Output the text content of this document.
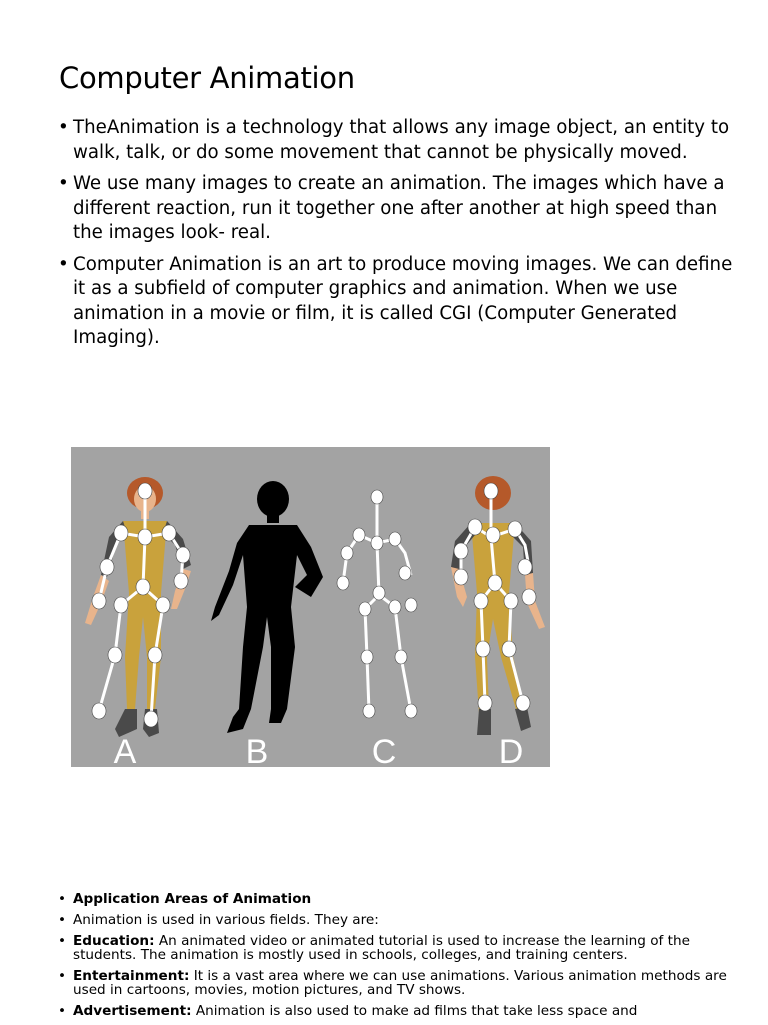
Computer Animation
• TheAnimation is a technology that allows any image object, an entity to walk, talk, or do some movement that cannot be physically moved.
• We use many images to create an animation. The images which have a different reaction, run it together one after another at high speed than the images look- real.
• Computer Animation is an art to produce moving images. We can define it as a subfield of computer graphics and animation. When we use animation in a movie or film, it is called CGI (Computer Generated Imaging).
A	B	C	D
• Application Areas of Animation
• Animation is used in various fields. They are:
• Education: An animated video or animated tutorial is used to increase the learning of the students. The animation is mostly used in schools, colleges, and training centers.
• Entertainment: It is a vast area where we can use animations. Various animation methods are used in cartoons, movies, motion pictures, and TV shows.
• Advertisement: Animation is also used to make ad films that take less space and
